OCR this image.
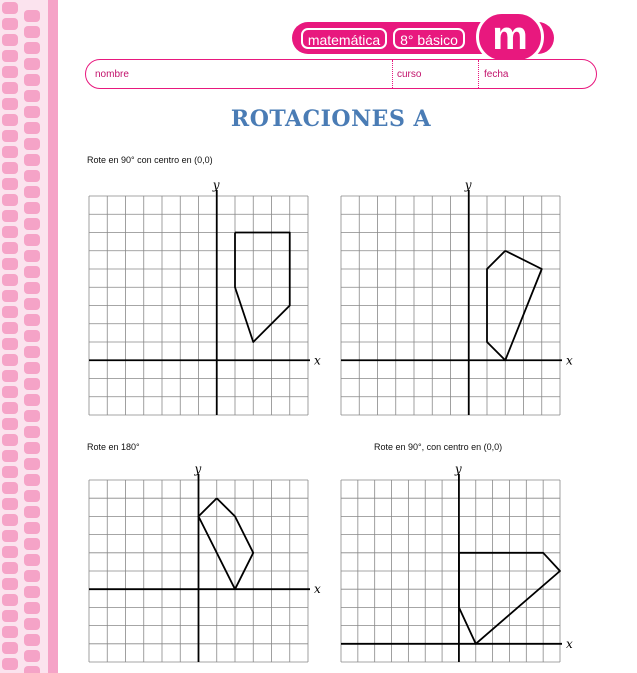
matemática	8° básico m
nombre	curso	fecha
ROTACIONES A
Rote en 90° con centro en (0,0)
Rote en 180°	Rote en 90°, con centro en (0,0)
x
y
x
y
x
y
x
y
